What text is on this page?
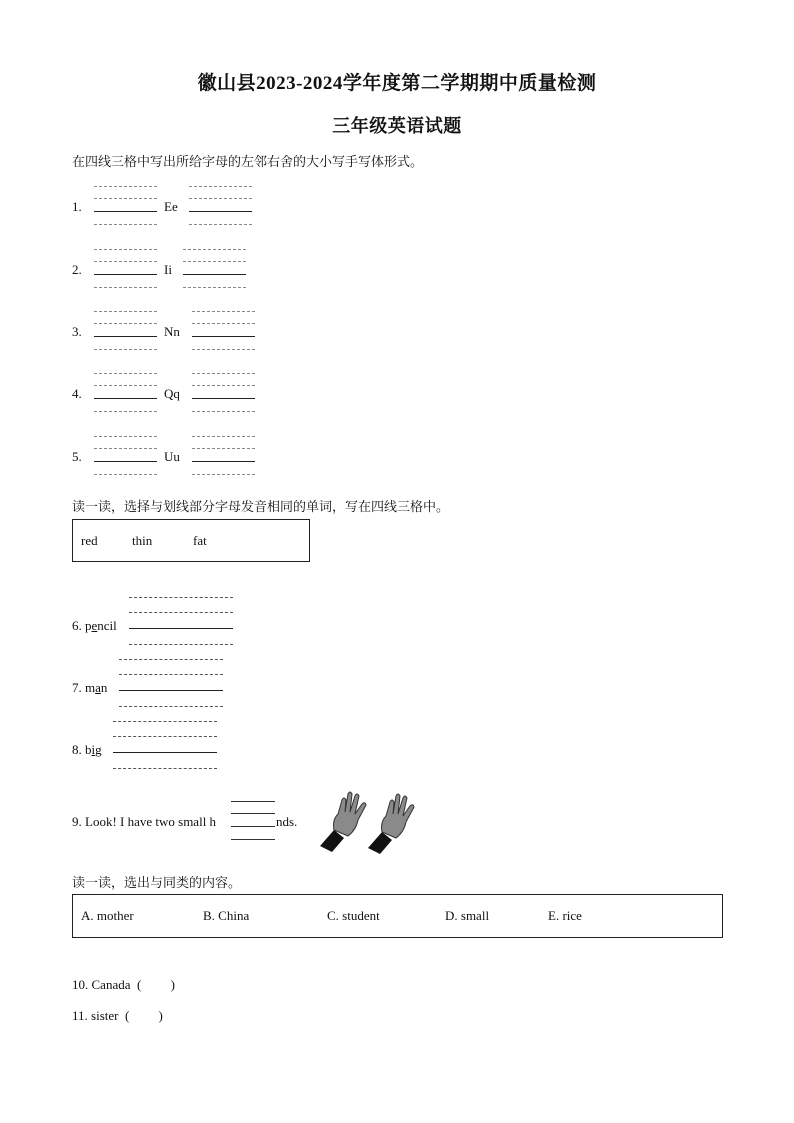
徽山县2023-2024学年度第二学期期中质量检测
三年级英语试题
在四线三格中写出所给字母的左邻右舍的大小写手写体形式。
1.	Ee
2.	Ii
3.	Nn
4.	Qq
5.	Uu
读一读，选择与划线部分字母发音相同的单词，写在四线三格中。
red	thin	fat
6. pencil
7. man
8. big
9. Look! I have two small h	nds.
读一读，选出与同类的内容。
A. mother	B. China	C. student	D. small	E. rice
10. Canada (         )
11. sister (         )
